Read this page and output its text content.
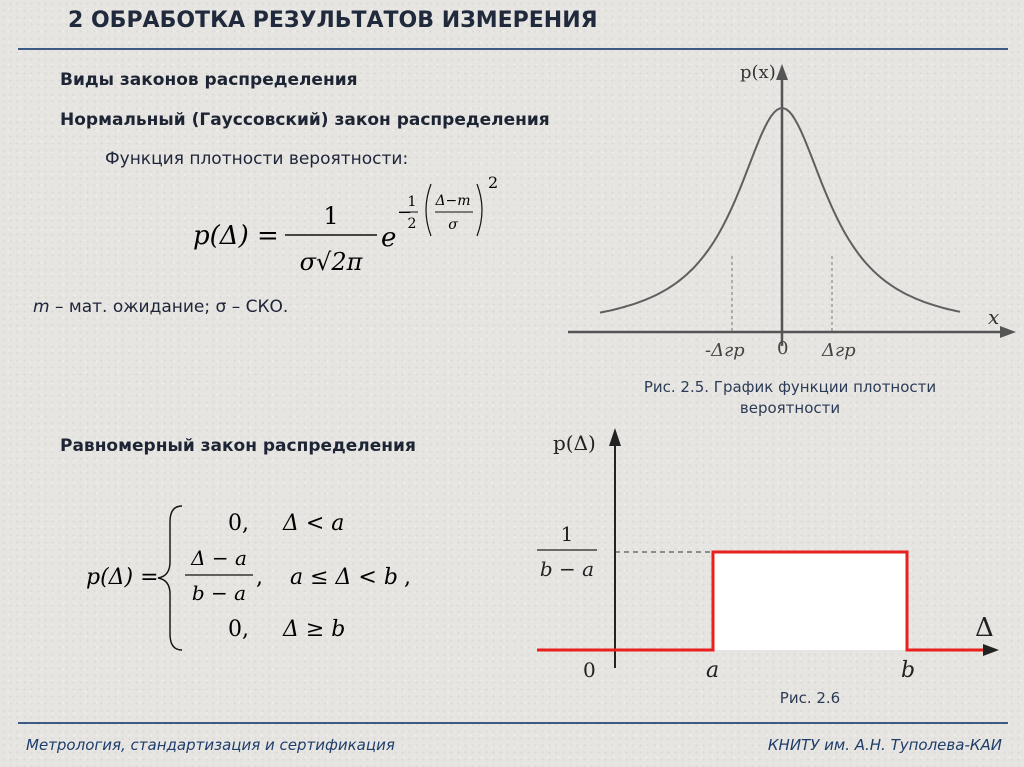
2 ОБРАБОТКА РЕЗУЛЬТАТОВ ИЗМЕРЕНИЯ
Виды законов распределения
Нормальный (Гауссовский) закон распределения
Функция плотности вероятности:
p(Δ) =
1
σ√2π
e
−
1
2
Δ−m
σ
2
m – мат. ожидание; σ – СКО.
p(x)
x
-Δгр 0 Δгр
Рис. 2.5. График функции плотности вероятности
Равномерный закон распределения
p(Δ) =
0, Δ < a
Δ − a
b − a
, a ≤ Δ < b ,
0, Δ ≥ b
p(Δ)
Δ
1
b − a
0	a	b
Рис. 2.6
Метрология, стандартизация и сертификация	КНИТУ им. А.Н. Туполева-КАИ
